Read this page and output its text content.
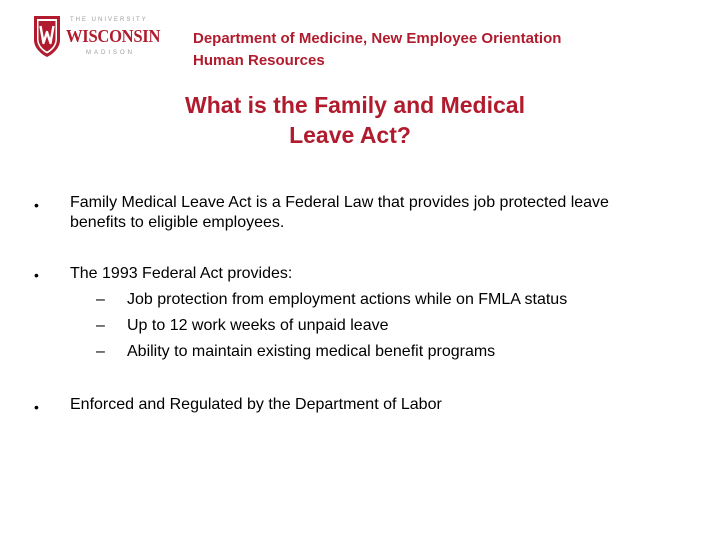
THE UNIVERSITY
WISCONSIN
MADISON
Department of Medicine, New Employee Orientation
Human Resources
What is the Family and Medical
Leave Act?
• Family Medical Leave Act is a Federal Law that provides job protected leave
benefits to eligible employees.
• The 1993 Federal Act provides:
– Job protection from employment actions while on FMLA status
– Up to 12 work weeks of unpaid leave
– Ability to maintain existing medical benefit programs
• Enforced and Regulated by the Department of Labor
